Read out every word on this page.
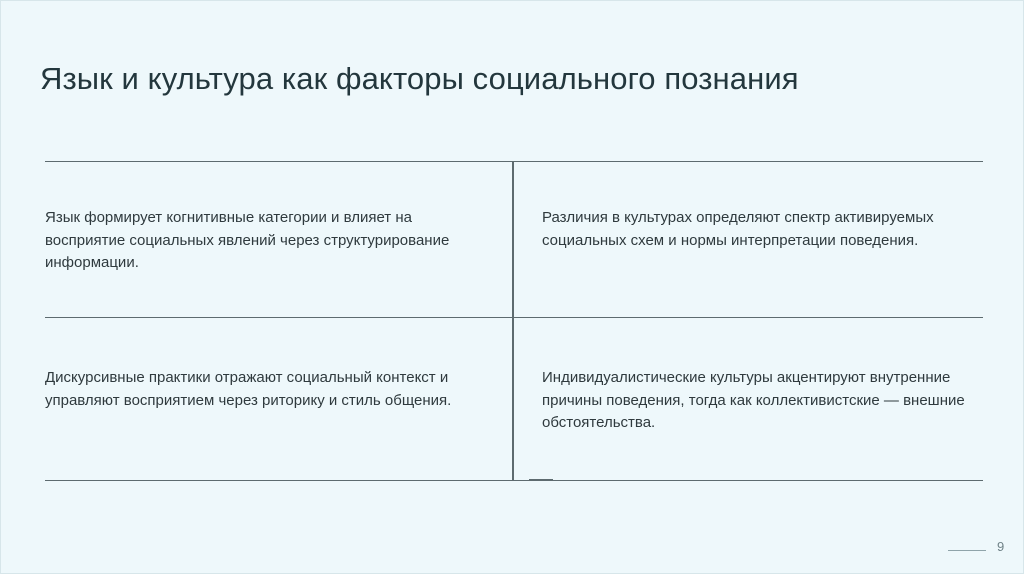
Язык и культура как факторы социального познания

Язык формирует когнитивные категории и влияет на восприятие социальных явлений через структурирование информации.

Различия в культурах определяют спектр активируемых социальных схем и нормы интерпретации поведения.

Дискурсивные практики отражают социальный контекст и управляют восприятием через риторику и стиль общения.

Индивидуалистические культуры акцентируют внутренние причины поведения, тогда как коллективистские — внешние обстоятельства.

9
